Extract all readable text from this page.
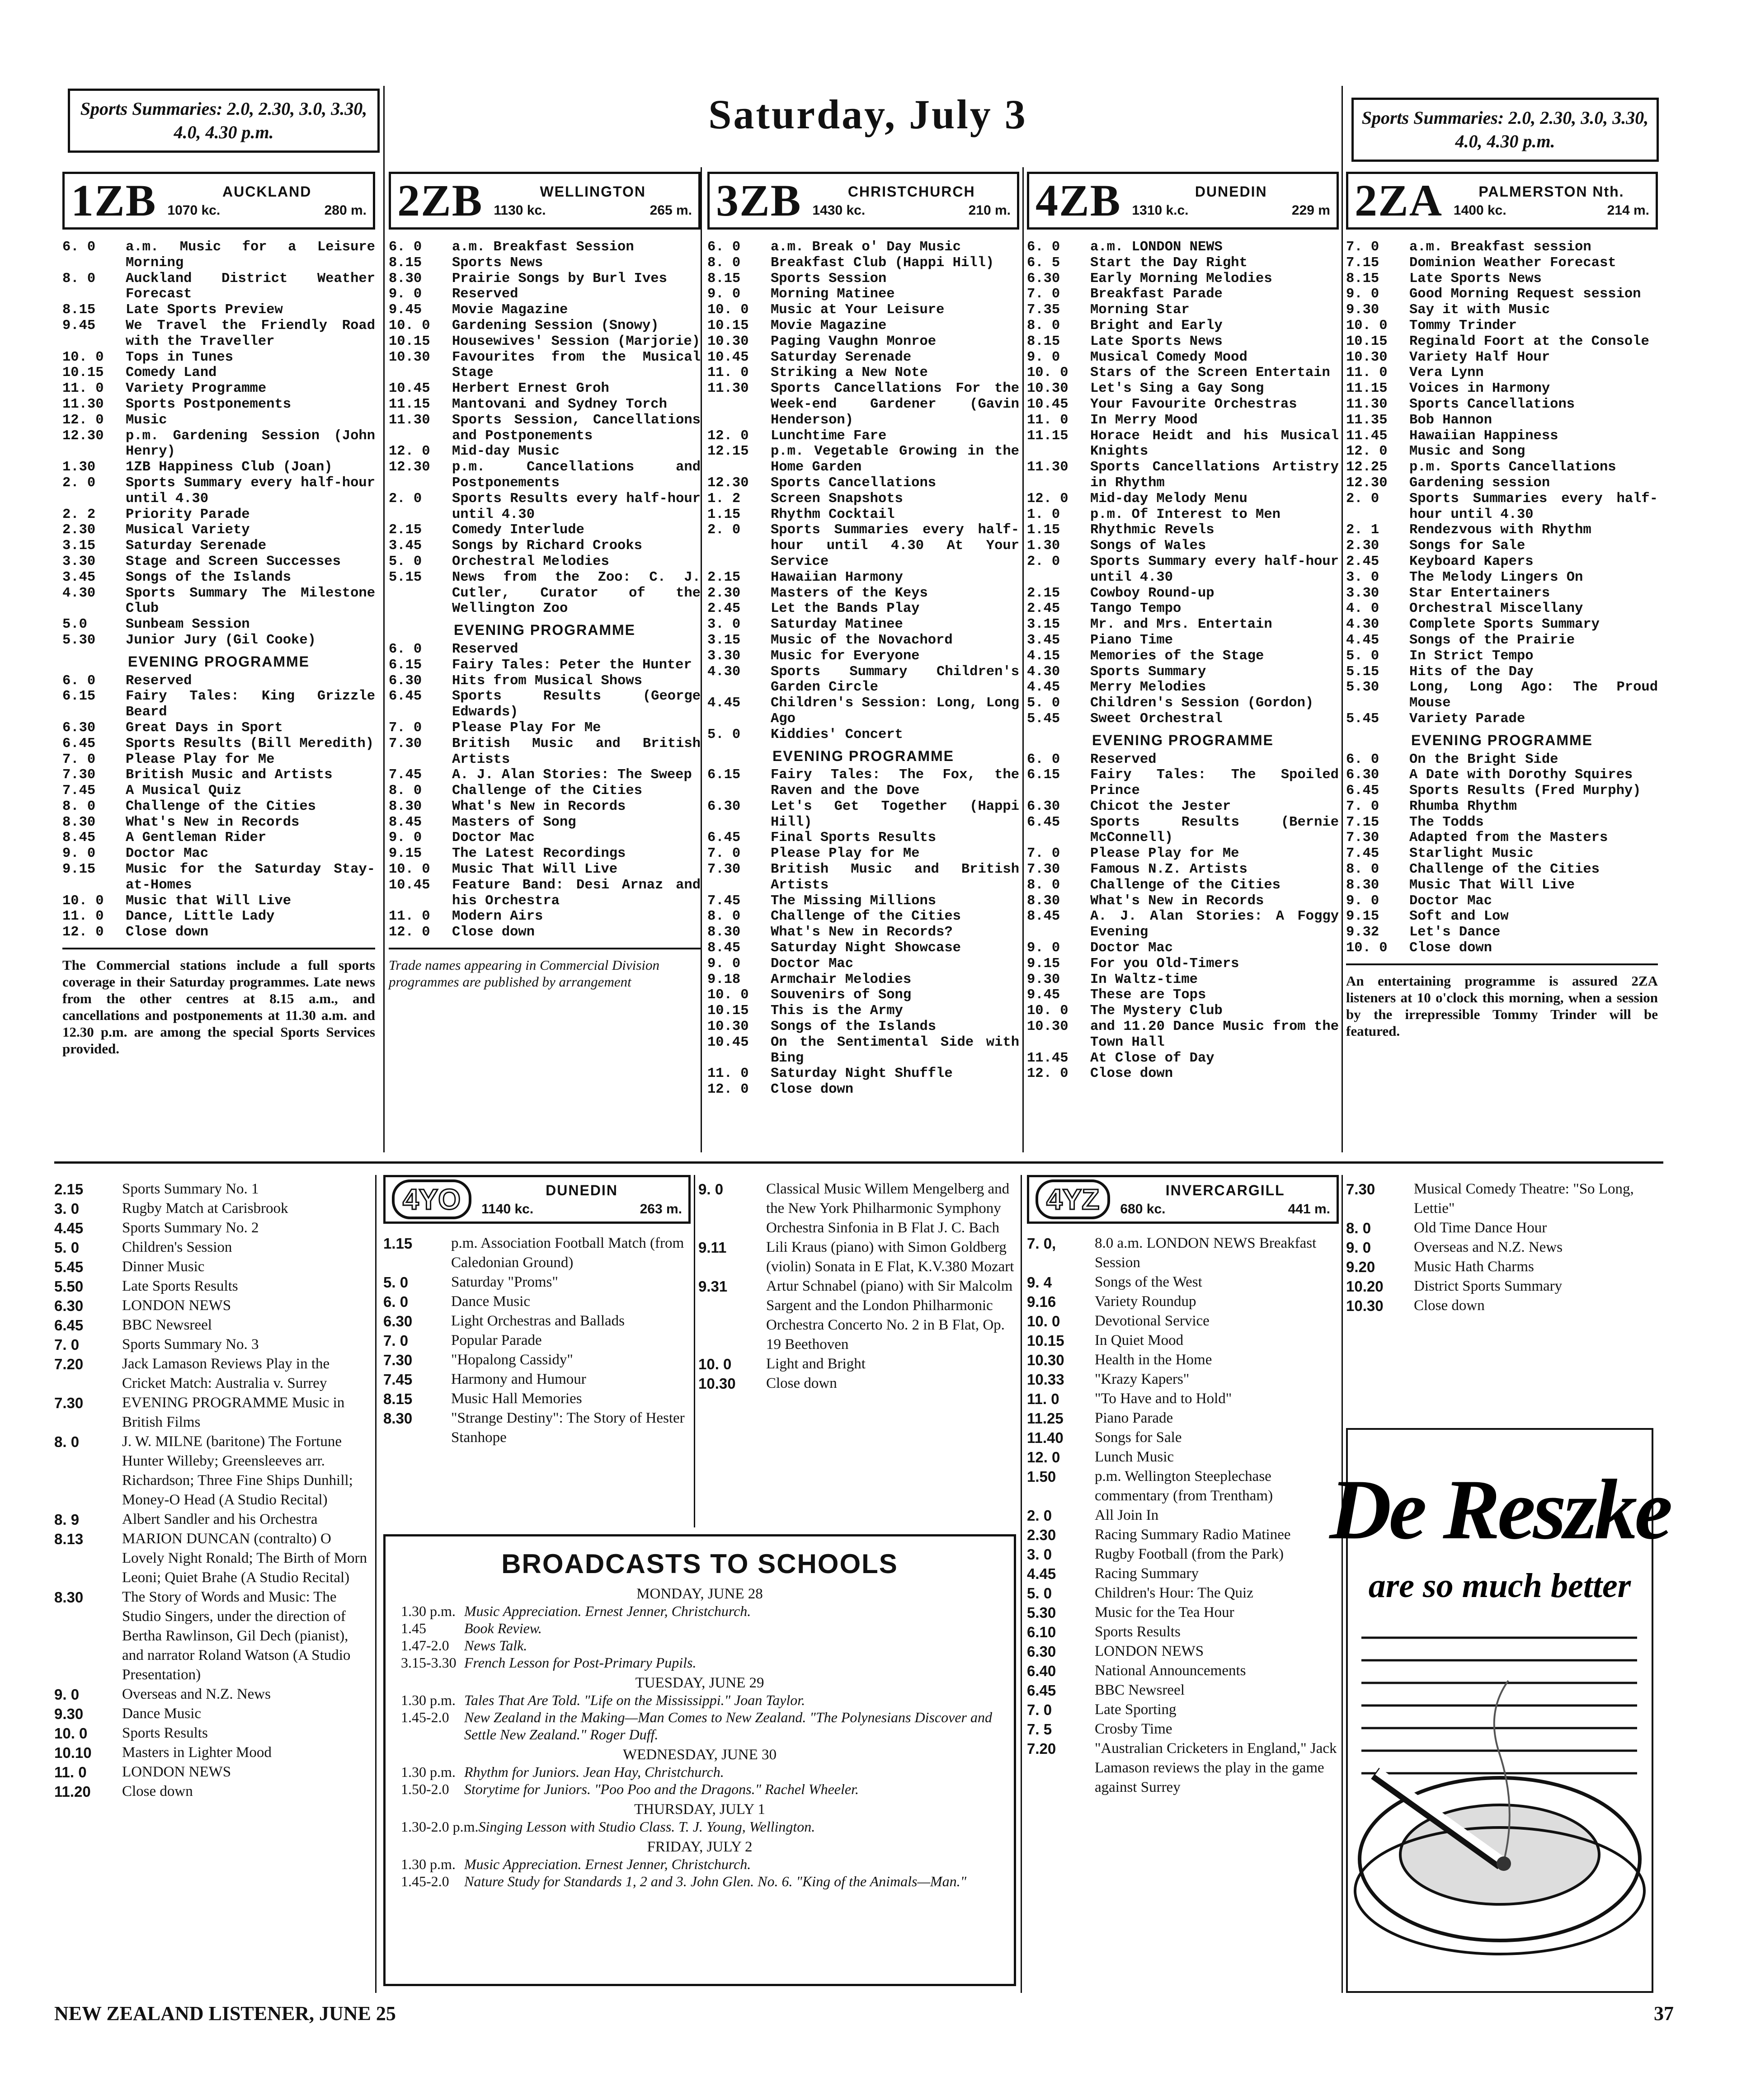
Sports Summaries: 2.0, 2.30, 3.0, 3.30, 4.0, 4.30 p.m.	Saturday, July 3	Sports Summaries: 2.0, 2.30, 3.0, 3.30, 4.0, 4.30 p.m.
1ZB	AUCKLAND
1070 kc.	280 m.
6. 0	a.m. Music for a Leisure Morning
8. 0	Auckland District Weather Forecast
8.15	Late Sports Preview
9.45	We Travel the Friendly Road with the Traveller
10. 0	Tops in Tunes
10.15	Comedy Land
11. 0	Variety Programme
11.30	Sports Postponements
12. 0	Music
12.30	p.m. Gardening Session (John Henry)
1.30	1ZB Happiness Club (Joan)
2. 0	Sports Summary every half-hour until 4.30
2. 2	Priority Parade
2.30	Musical Variety
3.15	Saturday Serenade
3.30	Stage and Screen Successes
3.45	Songs of the Islands
4.30	Sports Summary The Milestone Club
5.0	Sunbeam Session
5.30	Junior Jury (Gil Cooke)
EVENING PROGRAMME
6. 0	Reserved
6.15	Fairy Tales: King Grizzle Beard
6.30	Great Days in Sport
6.45	Sports Results (Bill Meredith)
7. 0	Please Play for Me
7.30	British Music and Artists
7.45	A Musical Quiz
8. 0	Challenge of the Cities
8.30	What's New in Records
8.45	A Gentleman Rider
9. 0	Doctor Mac
9.15	Music for the Saturday Stay-at-Homes
10. 0	Music that Will Live
11. 0	Dance, Little Lady
12. 0	Close down
The Commercial stations include a full sports coverage in their Saturday programmes. Late news from the other centres at 8.15 a.m., and cancellations and postponements at 11.30 a.m. and 12.30 p.m. are among the special Sports Services provided.
2ZB	WELLINGTON
1130 kc.	265 m.
6. 0	a.m. Breakfast Session
8.15	Sports News
8.30	Prairie Songs by Burl Ives
9. 0	Reserved
9.45	Movie Magazine
10. 0	Gardening Session (Snowy)
10.15	Housewives' Session (Marjorie)
10.30	Favourites from the Musical Stage
10.45	Herbert Ernest Groh
11.15	Mantovani and Sydney Torch
11.30	Sports Session, Cancellations and Postponements
12. 0	Mid-day Music
12.30	p.m. Cancellations and Postponements
2. 0	Sports Results every half-hour until 4.30
2.15	Comedy Interlude
3.45	Songs by Richard Crooks
5. 0	Orchestral Melodies
5.15	News from the Zoo: C. J. Cutler, Curator of the Wellington Zoo
EVENING PROGRAMME
6. 0	Reserved
6.15	Fairy Tales: Peter the Hunter
6.30	Hits from Musical Shows
6.45	Sports Results (George Edwards)
7. 0	Please Play For Me
7.30	British Music and British Artists
7.45	A. J. Alan Stories: The Sweep
8. 0	Challenge of the Cities
8.30	What's New in Records
8.45	Masters of Song
9. 0	Doctor Mac
9.15	The Latest Recordings
10. 0	Music That Will Live
10.45	Feature Band: Desi Arnaz and his Orchestra
11. 0	Modern Airs
12. 0	Close down
Trade names appearing in Commercial Division programmes are published by arrangement
3ZB	CHRISTCHURCH
1430 kc.	210 m.
6. 0	a.m. Break o' Day Music
8. 0	Breakfast Club (Happi Hill)
8.15	Sports Session
9. 0	Morning Matinee
10. 0	Music at Your Leisure
10.15	Movie Magazine
10.30	Paging Vaughn Monroe
10.45	Saturday Serenade
11. 0	Striking a New Note
11.30	Sports Cancellations For the Week-end Gardener (Gavin Henderson)
12. 0	Lunchtime Fare
12.15	p.m. Vegetable Growing in the Home Garden
12.30	Sports Cancellations
1. 2	Screen Snapshots
1.15	Rhythm Cocktail
2. 0	Sports Summaries every half-hour until 4.30 At Your Service
2.15	Hawaiian Harmony
2.30	Masters of the Keys
2.45	Let the Bands Play
3. 0	Saturday Matinee
3.15	Music of the Novachord
3.30	Music for Everyone
4.30	Sports Summary Children's Garden Circle
4.45	Children's Session: Long, Long Ago
5. 0	Kiddies' Concert
EVENING PROGRAMME
6.15	Fairy Tales: The Fox, the Raven and the Dove
6.30	Let's Get Together (Happi Hill)
6.45	Final Sports Results
7. 0	Please Play for Me
7.30	British Music and British Artists
7.45	The Missing Millions
8. 0	Challenge of the Cities
8.30	What's New in Records?
8.45	Saturday Night Showcase
9. 0	Doctor Mac
9.18	Armchair Melodies
10. 0	Souvenirs of Song
10.15	This is the Army
10.30	Songs of the Islands
10.45	On the Sentimental Side with Bing
11. 0	Saturday Night Shuffle
12. 0	Close down
4ZB	DUNEDIN
1310 k.c.	229 m
6. 0	a.m. LONDON NEWS
6. 5	Start the Day Right
6.30	Early Morning Melodies
7. 0	Breakfast Parade
7.35	Morning Star
8. 0	Bright and Early
8.15	Late Sports News
9. 0	Musical Comedy Mood
10. 0	Stars of the Screen Entertain
10.30	Let's Sing a Gay Song
10.45	Your Favourite Orchestras
11. 0	In Merry Mood
11.15	Horace Heidt and his Musical Knights
11.30	Sports Cancellations Artistry in Rhythm
12. 0	Mid-day Melody Menu
1. 0	p.m. Of Interest to Men
1.15	Rhythmic Revels
1.30	Songs of Wales
2. 0	Sports Summary every half-hour until 4.30
2.15	Cowboy Round-up
2.45	Tango Tempo
3.15	Mr. and Mrs. Entertain
3.45	Piano Time
4.15	Memories of the Stage
4.30	Sports Summary
4.45	Merry Melodies
5. 0	Children's Session (Gordon)
5.45	Sweet Orchestral
EVENING PROGRAMME
6. 0	Reserved
6.15	Fairy Tales: The Spoiled Prince
6.30	Chicot the Jester
6.45	Sports Results (Bernie McConnell)
7. 0	Please Play for Me
7.30	Famous N.Z. Artists
8. 0	Challenge of the Cities
8.30	What's New in Records
8.45	A. J. Alan Stories: A Foggy Evening
9. 0	Doctor Mac
9.15	For you Old-Timers
9.30	In Waltz-time
9.45	These are Tops
10. 0	The Mystery Club
10.30	and 11.20 Dance Music from the Town Hall
11.45	At Close of Day
12. 0	Close down
2ZA	PALMERSTON Nth.
1400 kc.	214 m.
7. 0	a.m. Breakfast session
7.15	Dominion Weather Forecast
8.15	Late Sports News
9. 0	Good Morning Request session
9.30	Say it with Music
10. 0	Tommy Trinder
10.15	Reginald Foort at the Console
10.30	Variety Half Hour
11. 0	Vera Lynn
11.15	Voices in Harmony
11.30	Sports Cancellations
11.35	Bob Hannon
11.45	Hawaiian Happiness
12. 0	Music and Song
12.25	p.m. Sports Cancellations
12.30	Gardening session
2. 0	Sports Summaries every half-hour until 4.30
2. 1	Rendezvous with Rhythm
2.30	Songs for Sale
2.45	Keyboard Kapers
3. 0	The Melody Lingers On
3.30	Star Entertainers
4. 0	Orchestral Miscellany
4.30	Complete Sports Summary
4.45	Songs of the Prairie
5. 0	In Strict Tempo
5.15	Hits of the Day
5.30	Long, Long Ago: The Proud Mouse
5.45	Variety Parade
EVENING PROGRAMME
6. 0	On the Bright Side
6.30	A Date with Dorothy Squires
6.45	Sports Results (Fred Murphy)
7. 0	Rhumba Rhythm
7.15	The Todds
7.30	Adapted from the Masters
7.45	Starlight Music
8. 0	Challenge of the Cities
8.30	Music That Will Live
9. 0	Doctor Mac
9.15	Soft and Low
9.32	Let's Dance
10. 0	Close down
An entertaining programme is assured 2ZA listeners at 10 o'clock this morning, when a session by the irrepressible Tommy Trinder will be featured.
2.15	Sports Summary No. 1
3. 0	Rugby Match at Carisbrook
4.45	Sports Summary No. 2
5. 0	Children's Session
5.45	Dinner Music
5.50	Late Sports Results
6.30	LONDON NEWS
6.45	BBC Newsreel
7. 0	Sports Summary No. 3
7.20	Jack Lamason Reviews Play in the Cricket Match: Australia v. Surrey
7.30	EVENING PROGRAMME Music in British Films
8. 0	J. W. MILNE (baritone) The Fortune Hunter Willeby; Greensleeves arr. Richardson; Three Fine Ships Dunhill; Money-O Head (A Studio Recital)
8. 9	Albert Sandler and his Orchestra
8.13	MARION DUNCAN (contralto) O Lovely Night Ronald; The Birth of Morn Leoni; Quiet Brahe (A Studio Recital)
8.30	The Story of Words and Music: The Studio Singers, under the direction of Bertha Rawlinson, Gil Dech (pianist), and narrator Roland Watson (A Studio Presentation)
9. 0	Overseas and N.Z. News
9.30	Dance Music
10. 0	Sports Results
10.10	Masters in Lighter Mood
11. 0	LONDON NEWS
11.20	Close down
4YO	DUNEDIN
1140 kc.	263 m.
1.15	p.m. Association Football Match (from Caledonian Ground)
5. 0	Saturday "Proms"
6. 0	Dance Music
6.30	Light Orchestras and Ballads
7. 0	Popular Parade
7.30	"Hopalong Cassidy"
7.45	Harmony and Humour
8.15	Music Hall Memories
8.30	"Strange Destiny": The Story of Hester Stanhope
9. 0	Classical Music Willem Mengelberg and the New York Philharmonic Symphony Orchestra Sinfonia in B Flat J. C. Bach
9.11	Lili Kraus (piano) with Simon Goldberg (violin) Sonata in E Flat, K.V.380 Mozart
9.31	Artur Schnabel (piano) with Sir Malcolm Sargent and the London Philharmonic Orchestra Concerto No. 2 in B Flat, Op. 19 Beethoven
10. 0	Light and Bright
10.30	Close down
4YZ	INVERCARGILL
680 kc.	441 m.
7. 0,	8.0 a.m. LONDON NEWS Breakfast Session
9. 4	Songs of the West
9.16	Variety Roundup
10. 0	Devotional Service
10.15	In Quiet Mood
10.30	Health in the Home
10.33	"Krazy Kapers"
11. 0	"To Have and to Hold"
11.25	Piano Parade
11.40	Songs for Sale
12. 0	Lunch Music
1.50	p.m. Wellington Steeplechase commentary (from Trentham)
2. 0	All Join In
2.30	Racing Summary Radio Matinee
3. 0	Rugby Football (from the Park)
4.45	Racing Summary
5. 0	Children's Hour: The Quiz
5.30	Music for the Tea Hour
6.10	Sports Results
6.30	LONDON NEWS
6.40	National Announcements
6.45	BBC Newsreel
7. 0	Late Sporting
7. 5	Crosby Time
7.20	"Australian Cricketers in England," Jack Lamason reviews the play in the game against Surrey
7.30	Musical Comedy Theatre: "So Long, Lettie"
8. 0	Old Time Dance Hour
9. 0	Overseas and N.Z. News
9.20	Music Hath Charms
10.20	District Sports Summary
10.30	Close down
BROADCASTS TO SCHOOLS
MONDAY, JUNE 28
1.30 p.m. Music Appreciation. Ernest Jenner, Christchurch.
1.45	Book Review.
1.47-2.0	News Talk.
3.15-3.30 French Lesson for Post-Primary Pupils.
TUESDAY, JUNE 29
1.30 p.m. Tales That Are Told. "Life on the Mississippi." Joan Taylor.
1.45-2.0	New Zealand in the Making—Man Comes to New Zealand. "The Polynesians Discover and Settle New Zealand." Roger Duff.
WEDNESDAY, JUNE 30
1.30 p.m. Rhythm for Juniors. Jean Hay, Christchurch.
1.50-2.0	Storytime for Juniors. "Poo Poo and the Dragons." Rachel Wheeler.
THURSDAY, JULY 1
1.30-2.0 p.m. Singing Lesson with Studio Class. T. J. Young, Wellington.
FRIDAY, JULY 2
1.30 p.m. Music Appreciation. Ernest Jenner, Christchurch.
1.45-2.0	Nature Study for Standards 1, 2 and 3. John Glen. No. 6. "King of the Animals—Man."
De Reszke
are so much better
NEW ZEALAND LISTENER, JUNE 25	37
